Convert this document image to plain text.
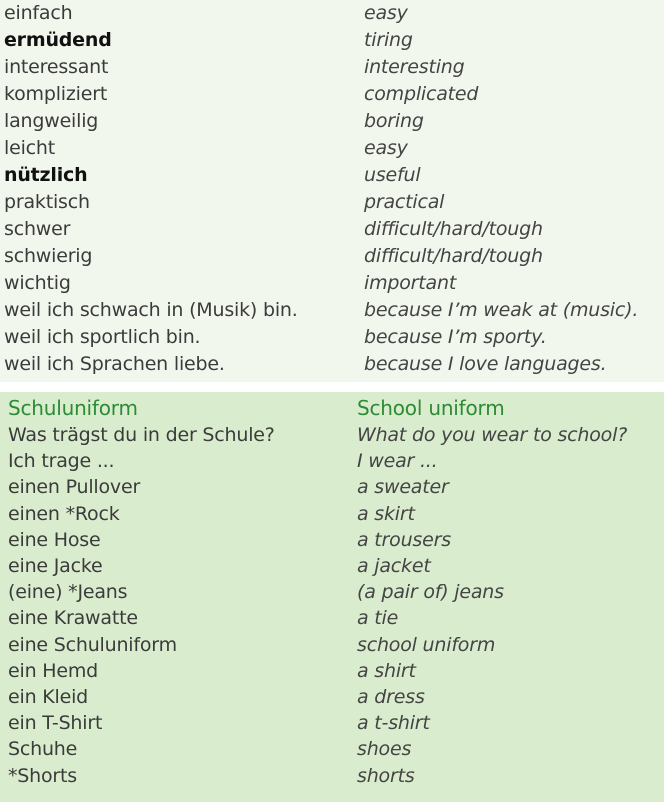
einfach	easy
ermüdend	tiring
interessant	interesting
kompliziert	complicated
langweilig	boring
leicht	easy
nützlich	useful
praktisch	practical
schwer	difficult/hard/tough
schwierig	difficult/hard/tough
wichtig	important
weil ich schwach in (Musik) bin.	because I’m weak at (music).
weil ich sportlich bin.	because I’m sporty.
weil ich Sprachen liebe.	because I love languages.
Schuluniform	School uniform
Was trägst du in der Schule?	What do you wear to school?
Ich trage ...	I wear ...
einen Pullover	a sweater
einen *Rock	a skirt
eine Hose	a trousers
eine Jacke	a jacket
(eine) *Jeans	(a pair of) jeans
eine Krawatte	a tie
eine Schuluniform	school uniform
ein Hemd	a shirt
ein Kleid	a dress
ein T-Shirt	a t-shirt
Schuhe	shoes
*Shorts	shorts
